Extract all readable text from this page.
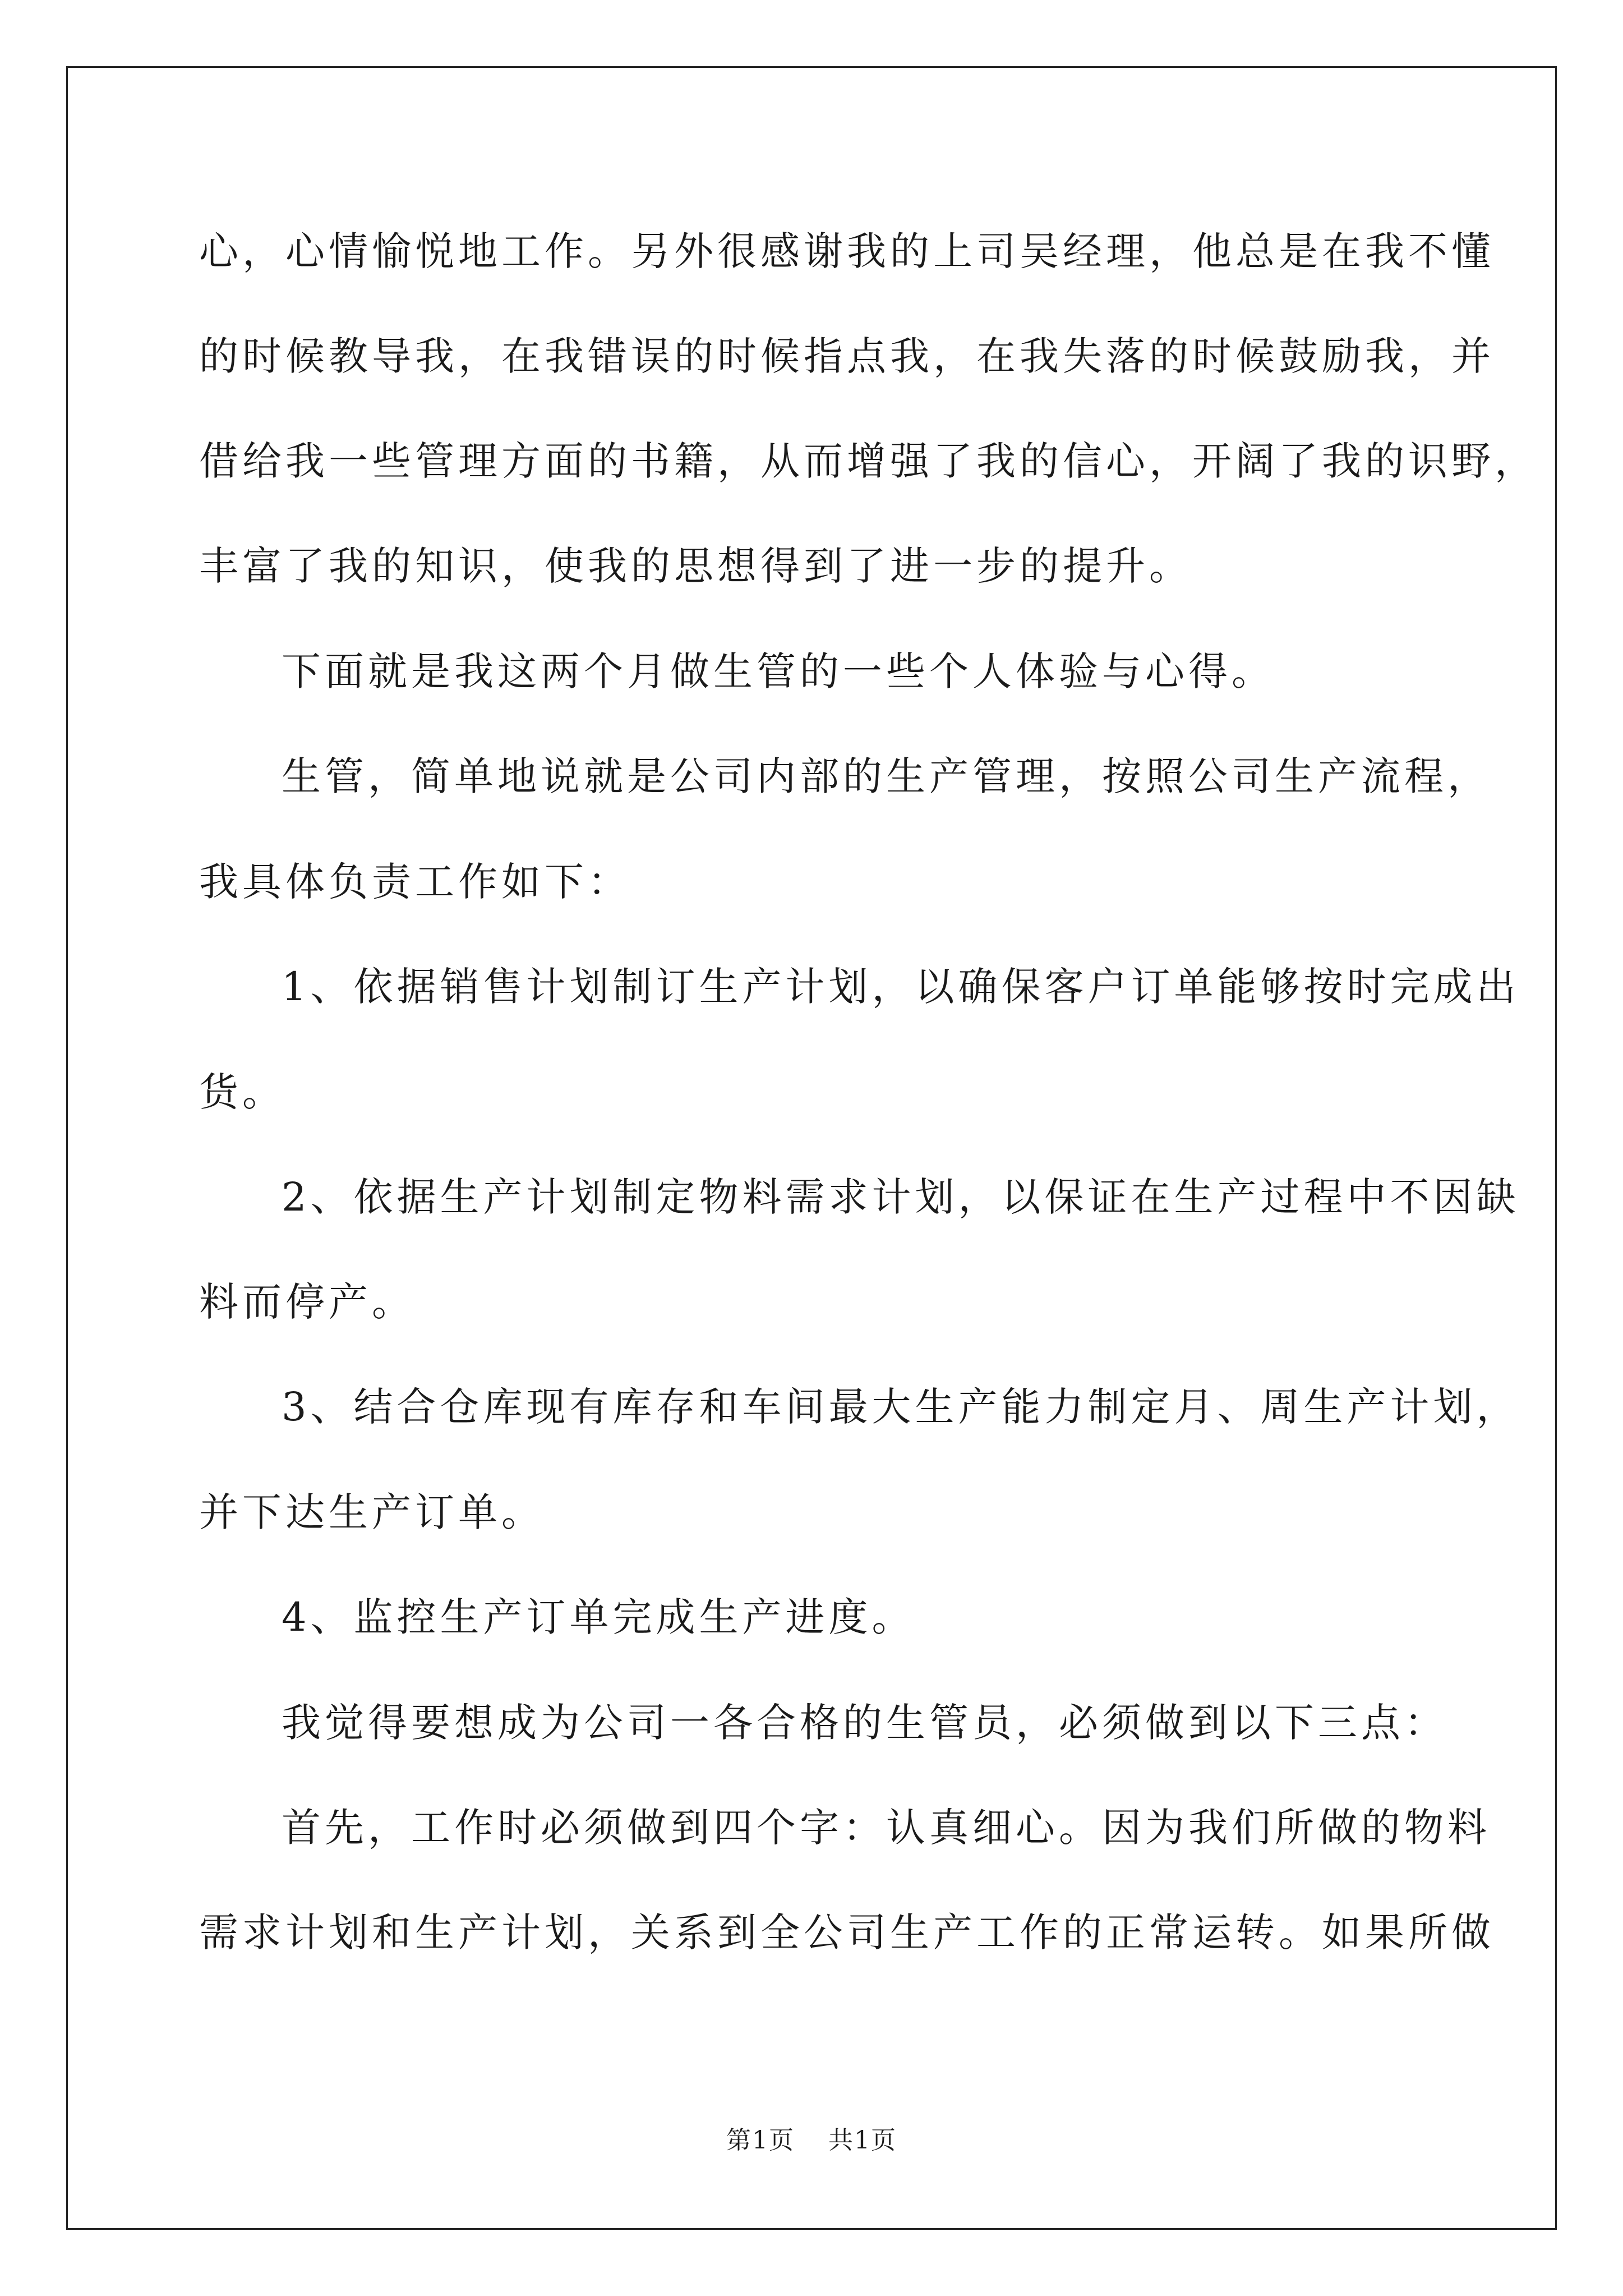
心，心情愉悦地工作。另外很感谢我的上司吴经理，他总是在我不懂
的时候教导我，在我错误的时候指点我，在我失落的时候鼓励我，并
借给我一些管理方面的书籍，从而增强了我的信心，开阔了我的识野，
丰富了我的知识，使我的思想得到了进一步的提升。
下面就是我这两个月做生管的一些个人体验与心得。
生管，简单地说就是公司内部的生产管理，按照公司生产流程，
我具体负责工作如下：
1、依据销售计划制订生产计划，以确保客户订单能够按时完成出
货。
2、依据生产计划制定物料需求计划，以保证在生产过程中不因缺
料而停产。
3、结合仓库现有库存和车间最大生产能力制定月、周生产计划，
并下达生产订单。
4、监控生产订单完成生产进度。
我觉得要想成为公司一各合格的生管员，必须做到以下三点：
首先，工作时必须做到四个字：认真细心。因为我们所做的物料
需求计划和生产计划，关系到全公司生产工作的正常运转。如果所做
第1页 共1页
